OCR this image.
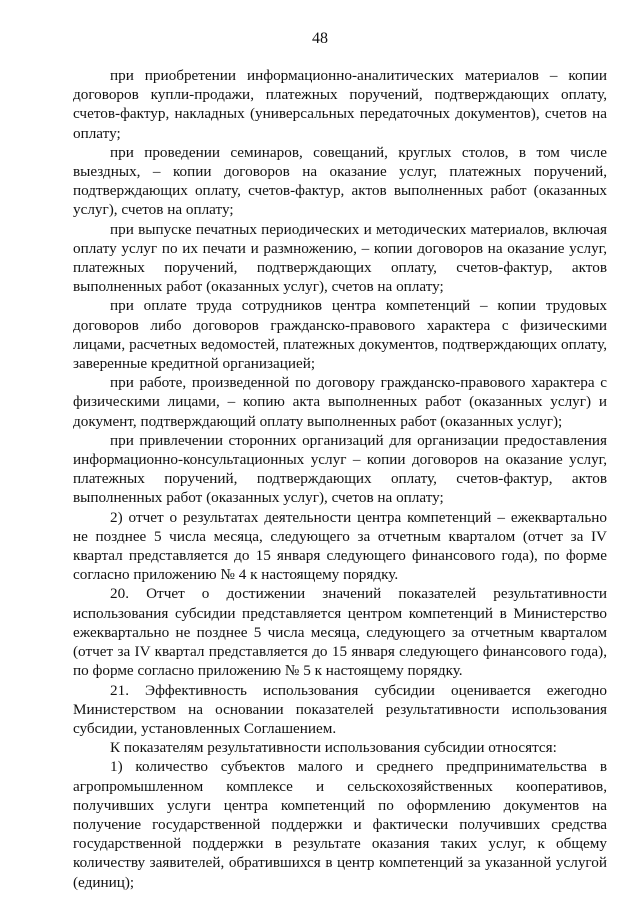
48

при приобретении информационно-аналитических материалов – копии договоров купли-продажи, платежных поручений, подтверждающих оплату, счетов-фактур, накладных (универсальных передаточных документов), счетов на оплату;

при проведении семинаров, совещаний, круглых столов, в том числе выездных, – копии договоров на оказание услуг, платежных поручений, подтверждающих оплату, счетов-фактур, актов выполненных работ (оказанных услуг), счетов на оплату;

при выпуске печатных периодических и методических материалов, включая оплату услуг по их печати и размножению, – копии договоров на оказание услуг, платежных поручений, подтверждающих оплату, счетов-фактур, актов выполненных работ (оказанных услуг), счетов на оплату;

при оплате труда сотрудников центра компетенций – копии трудовых договоров либо договоров гражданско-правового характера с физическими лицами, расчетных ведомостей, платежных документов, подтверждающих оплату, заверенные кредитной организацией;

при работе, произведенной по договору гражданско-правового характера с физическими лицами, – копию акта выполненных работ (оказанных услуг) и документ, подтверждающий оплату выполненных работ (оказанных услуг);

при привлечении сторонних организаций для организации предоставления информационно-консультационных услуг – копии договоров на оказание услуг, платежных поручений, подтверждающих оплату, счетов-фактур, актов выполненных работ (оказанных услуг), счетов на оплату;

2) отчет о результатах деятельности центра компетенций – ежеквартально не позднее 5 числа месяца, следующего за отчетным кварталом (отчет за IV квартал представляется до 15 января следующего финансового года), по форме согласно приложению № 4 к настоящему порядку.

20. Отчет о достижении значений показателей результативности использования субсидии представляется центром компетенций в Министерство ежеквартально не позднее 5 числа месяца, следующего за отчетным кварталом (отчет за IV квартал представляется до 15 января следующего финансового года), по форме согласно приложению № 5 к настоящему порядку.

21. Эффективность использования субсидии оценивается ежегодно Министерством на основании показателей результативности использования субсидии, установленных Соглашением.

К показателям результативности использования субсидии относятся:

1) количество субъектов малого и среднего предпринимательства в агропромышленном комплексе и сельскохозяйственных кооперативов, получивших услуги центра компетенций по оформлению документов на получение государственной поддержки и фактически получивших средства государственной поддержки в результате оказания таких услуг, к общему количеству заявителей, обратившихся в центр компетенций за указанной услугой (единиц);
